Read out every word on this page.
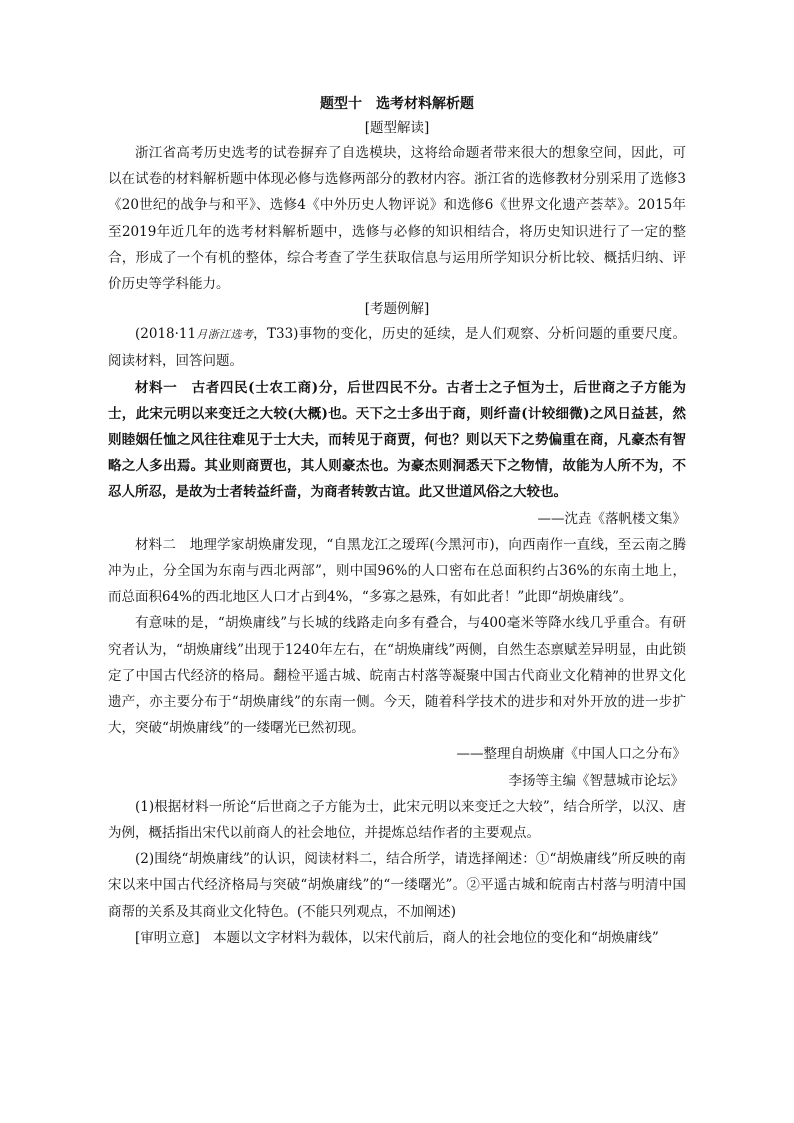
题型十　选考材料解析题
[题型解读]

浙江省高考历史选考的试卷摒弃了自选模块，这将给命题者带来很大的想象空间，因此，可以在试卷的材料解析题中体现必修与选修两部分的教材内容。浙江省的选修教材分别采用了选修3《20世纪的战争与和平》、选修4《中外历史人物评说》和选修6《世界文化遗产荟萃》。2015年至2019年近几年的选考材料解析题中，选修与必修的知识相结合，将历史知识进行了一定的整合，形成了一个有机的整体，综合考查了学生获取信息与运用所学知识分析比较、概括归纳、评价历史等学科能力。

[考题例解]

(2018·11月浙江选考，T33)事物的变化，历史的延续，是人们观察、分析问题的重要尺度。阅读材料，回答问题。

材料一　古者四民(士农工商)分，后世四民不分。古者士之子恒为士，后世商之子方能为士，此宋元明以来变迁之大较(大概)也。天下之士多出于商，则纤啬(计较细微)之风日益甚，然则睦姻任恤之风往往难见于士大夫，而转见于商贾，何也？则以天下之势偏重在商，凡豪杰有智略之人多出焉。其业则商贾也，其人则豪杰也。为豪杰则洞悉天下之物情，故能为人所不为，不忍人所忍，是故为士者转益纤啬，为商者转敦古谊。此又世道风俗之大较也。

——沈垚《落帆楼文集》

材料二　地理学家胡焕庸发现，“自黑龙江之瑷珲(今黑河市)，向西南作一直线，至云南之腾冲为止，分全国为东南与西北两部”，则中国96%的人口密布在总面积约占36%的东南土地上，而总面积64%的西北地区人口才占到4%，“多寡之悬殊，有如此者！”此即“胡焕庸线”。

有意味的是，“胡焕庸线”与长城的线路走向多有叠合，与400毫米等降水线几乎重合。有研究者认为，“胡焕庸线”出现于1240年左右，在“胡焕庸线”两侧，自然生态禀赋差异明显，由此锁定了中国古代经济的格局。翻检平遥古城、皖南古村落等凝聚中国古代商业文化精神的世界文化遗产，亦主要分布于“胡焕庸线”的东南一侧。今天，随着科学技术的进步和对外开放的进一步扩大，突破“胡焕庸线”的一缕曙光已然初现。

——整理自胡焕庸《中国人口之分布》
李扬等主编《智慧城市论坛》

(1)根据材料一所论“后世商之子方能为士，此宋元明以来变迁之大较”，结合所学，以汉、唐为例，概括指出宋代以前商人的社会地位，并提炼总结作者的主要观点。

(2)围绕“胡焕庸线”的认识，阅读材料二，结合所学，请选择阐述：①“胡焕庸线”所反映的南宋以来中国古代经济格局与突破“胡焕庸线”的“一缕曙光”。②平遥古城和皖南古村落与明清中国商帮的关系及其商业文化特色。(不能只列观点，不加阐述)

[审明立意]　本题以文字材料为载体，以宋代前后，商人的社会地位的变化和“胡焕庸线”
